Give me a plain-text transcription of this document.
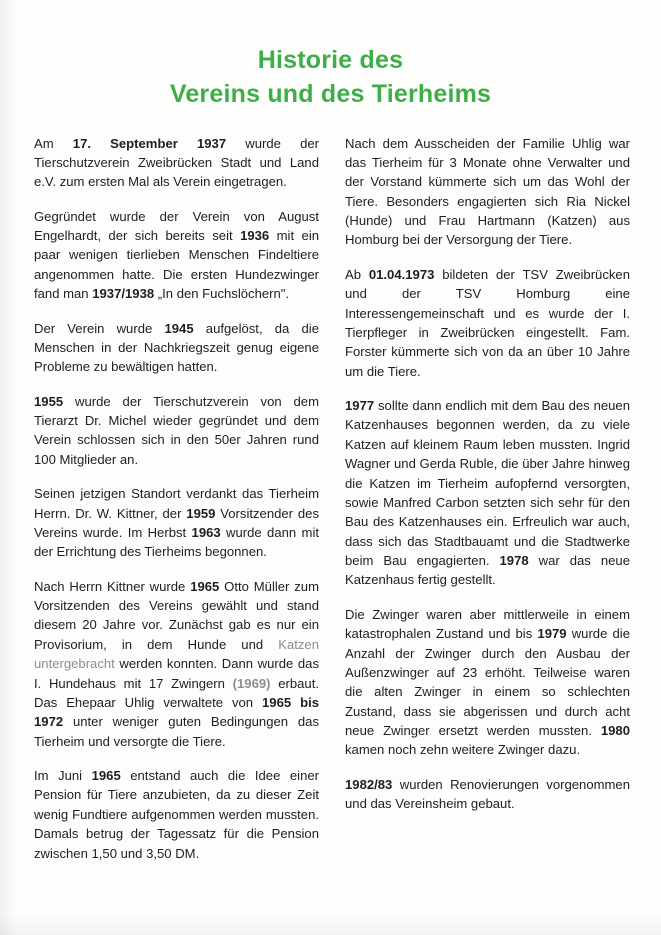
Historie des
Vereins und des Tierheims

Am 17. September 1937 wurde der Tierschutzverein Zweibrücken Stadt und Land e.V. zum ersten Mal als Verein eingetragen.

Gegründet wurde der Verein von August Engelhardt, der sich bereits seit 1936 mit ein paar wenigen tierlieben Menschen Findeltiere angenommen hatte. Die ersten Hundezwinger fand man 1937/1938 „In den Fuchslöchern".

Der Verein wurde 1945 aufgelöst, da die Menschen in der Nachkriegszeit genug eigene Probleme zu bewältigen hatten.

1955 wurde der Tierschutzverein von dem Tierarzt Dr. Michel wieder gegründet und dem Verein schlossen sich in den 50er Jahren rund 100 Mitglieder an.

Seinen jetzigen Standort verdankt das Tierheim Herrn. Dr. W. Kittner, der 1959 Vorsitzender des Vereins wurde. Im Herbst 1963 wurde dann mit der Errichtung des Tierheims begonnen.

Nach Herrn Kittner wurde 1965 Otto Müller zum Vorsitzenden des Vereins gewählt und stand diesem 20 Jahre vor. Zunächst gab es nur ein Provisorium, in dem Hunde und Katzen untergebracht werden konnten. Dann wurde das I. Hundehaus mit 17 Zwingern (1969) erbaut. Das Ehepaar Uhlig verwaltete von 1965 bis 1972 unter weniger guten Bedingungen das Tierheim und versorgte die Tiere.

Im Juni 1965 entstand auch die Idee einer Pension für Tiere anzubieten, da zu dieser Zeit wenig Fundtiere aufgenommen werden mussten. Damals betrug der Tagessatz für die Pension zwischen 1,50 und 3,50 DM.

Nach dem Ausscheiden der Familie Uhlig war das Tierheim für 3 Monate ohne Verwalter und der Vorstand kümmerte sich um das Wohl der Tiere. Besonders engagierten sich Ria Nickel (Hunde) und Frau Hartmann (Katzen) aus Homburg bei der Versorgung der Tiere.

Ab 01.04.1973 bildeten der TSV Zweibrücken und der TSV Homburg eine Interessengemeinschaft und es wurde der I. Tierpfleger in Zweibrücken eingestellt. Fam. Forster kümmerte sich von da an über 10 Jahre um die Tiere.

1977 sollte dann endlich mit dem Bau des neuen Katzenhauses begonnen werden, da zu viele Katzen auf kleinem Raum leben mussten. Ingrid Wagner und Gerda Ruble, die über Jahre hinweg die Katzen im Tierheim aufopfernd versorgten, sowie Manfred Carbon setzten sich sehr für den Bau des Katzenhauses ein. Erfreulich war auch, dass sich das Stadtbauamt und die Stadtwerke beim Bau engagierten. 1978 war das neue Katzenhaus fertig gestellt.

Die Zwinger waren aber mittlerweile in einem katastrophalen Zustand und bis 1979 wurde die Anzahl der Zwinger durch den Ausbau der Außenzwinger auf 23 erhöht. Teilweise waren die alten Zwinger in einem so schlechten Zustand, dass sie abgerissen und durch acht neue Zwinger ersetzt werden mussten. 1980 kamen noch zehn weitere Zwinger dazu.

1982/83 wurden Renovierungen vorgenommen und das Vereinsheim gebaut.
